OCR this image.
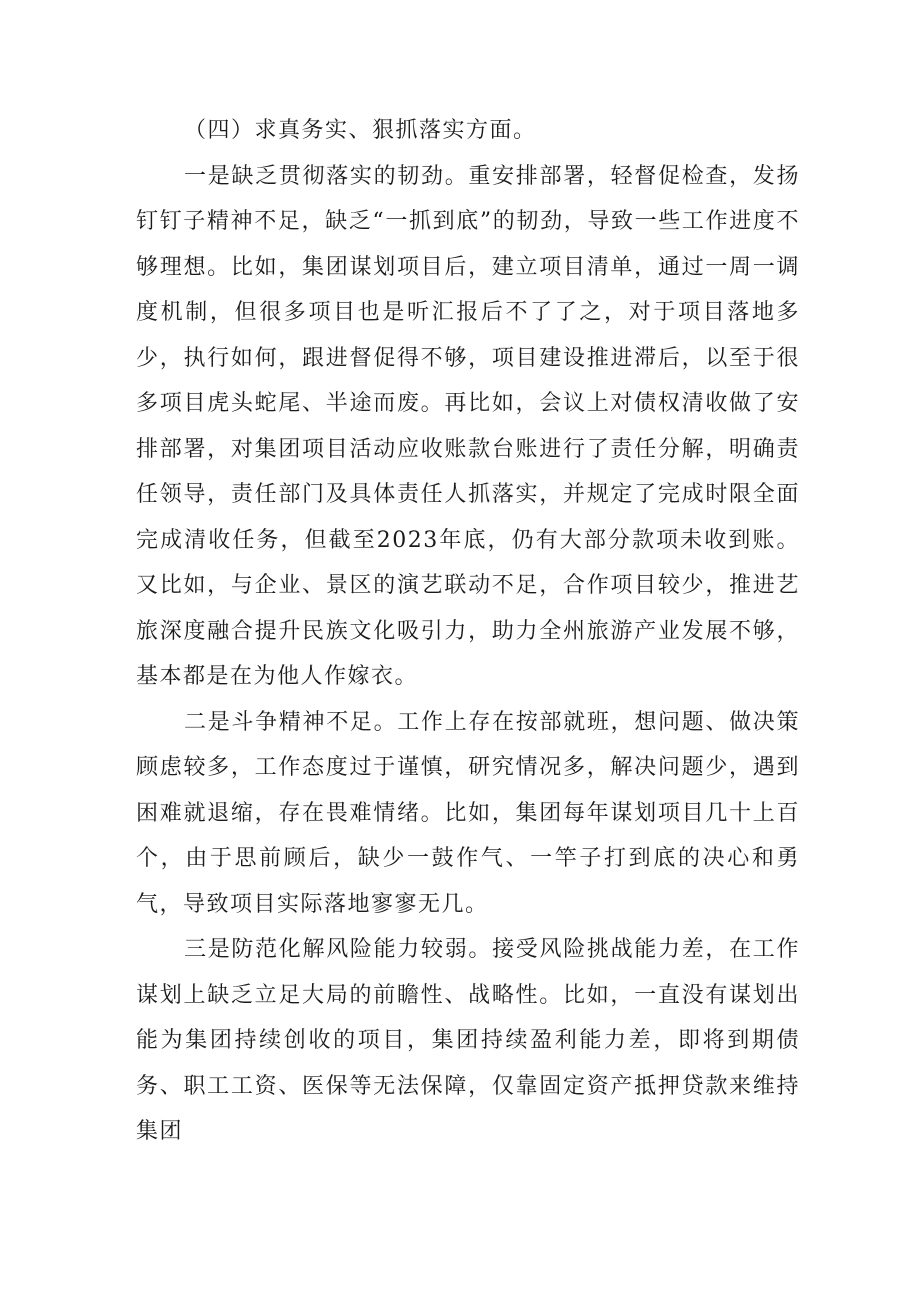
（四）求真务实、狠抓落实方面。

一是缺乏贯彻落实的韧劲。重安排部署，轻督促检查，发扬钉钉子精神不足，缺乏“一抓到底”的韧劲，导致一些工作进度不够理想。比如，集团谋划项目后，建立项目清单，通过一周一调度机制，但很多项目也是听汇报后不了了之，对于项目落地多少，执行如何，跟进督促得不够，项目建设推进滞后，以至于很多项目虎头蛇尾、半途而废。再比如，会议上对债权清收做了安排部署，对集团项目活动应收账款台账进行了责任分解，明确责任领导，责任部门及具体责任人抓落实，并规定了完成时限全面完成清收任务，但截至2023年底，仍有大部分款项未收到账。又比如，与企业、景区的演艺联动不足，合作项目较少，推进艺旅深度融合提升民族文化吸引力，助力全州旅游产业发展不够，基本都是在为他人作嫁衣。

二是斗争精神不足。工作上存在按部就班，想问题、做决策顾虑较多，工作态度过于谨慎，研究情况多，解决问题少，遇到困难就退缩，存在畏难情绪。比如，集团每年谋划项目几十上百个，由于思前顾后，缺少一鼓作气、一竿子打到底的决心和勇气，导致项目实际落地寥寥无几。

三是防范化解风险能力较弱。接受风险挑战能力差，在工作谋划上缺乏立足大局的前瞻性、战略性。比如，一直没有谋划出能为集团持续创收的项目，集团持续盈利能力差，即将到期债务、职工工资、医保等无法保障，仅靠固定资产抵押贷款来维持集团
